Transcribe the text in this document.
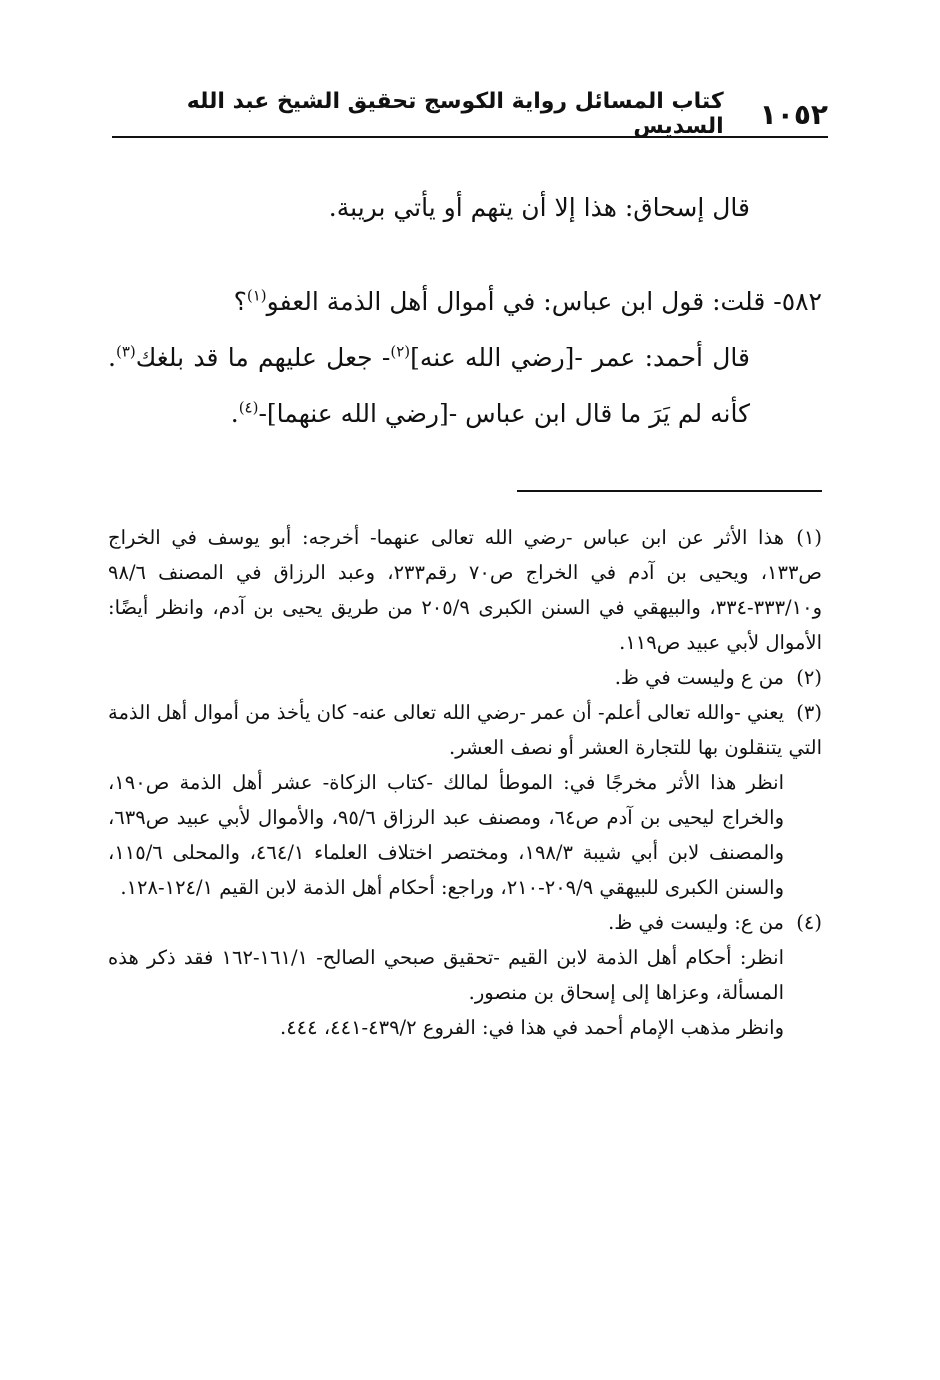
١٠٥٢
كتاب المسائل رواية الكوسج تحقيق الشيخ عبد الله السديس

قال إسحاق: هذا إلا أن يتهم أو يأتي بريبة.

٥٨٢- قلت: قول ابن عباس: في أموال أهل الذمة العفو$^{(١)}$؟

قال أحمد: عمر -[رضي الله عنه]$^{(٢)}$- جعل عليهم ما قد بلغك$^{(٣)}$. كأنه لم يَرَ ما قال ابن عباس -[رضي الله عنهما]-$^{(٤)}$.

(١)هذا الأثر عن ابن عباس -رضي الله تعالى عنهما- أخرجه: أبو يوسف في الخراج ص١٣٣، ويحيى بن آدم في الخراج ص٧٠ رقم٢٣٣، وعبد الرزاق في المصنف ٩٨/٦ و٣٣٣/١٠-٣٣٤، والبيهقي في السنن الكبرى ٢٠٥/٩ من طريق يحيى بن آدم، وانظر أيضًا: الأموال لأبي عبيد ص١١٩.

(٢)من ع وليست في ظ.

(٣)يعني -والله تعالى أعلم- أن عمر -رضي الله تعالى عنه- كان يأخذ من أموال أهل الذمة التي يتنقلون بها للتجارة العشر أو نصف العشر.

انظر هذا الأثر مخرجًا في: الموطأ لمالك -كتاب الزكاة- عشر أهل الذمة ص١٩٠، والخراج ليحيى بن آدم ص٦٤، ومصنف عبد الرزاق ٩٥/٦، والأموال لأبي عبيد ص٦٣٩، والمصنف لابن أبي شيبة ١٩٨/٣، ومختصر اختلاف العلماء ٤٦٤/١، والمحلى ١١٥/٦، والسنن الكبرى للبيهقي ٢٠٩/٩-٢١٠، وراجع: أحكام أهل الذمة لابن القيم ١٢٤/١-١٢٨.

(٤)من ع: وليست في ظ.

انظر: أحكام أهل الذمة لابن القيم -تحقيق صبحي الصالح- ١٦١/١-١٦٢ فقد ذكر هذه المسألة، وعزاها إلى إسحاق بن منصور.

وانظر مذهب الإمام أحمد في هذا في: الفروع ٤٣٩/٢-٤٤١، ٤٤٤.
